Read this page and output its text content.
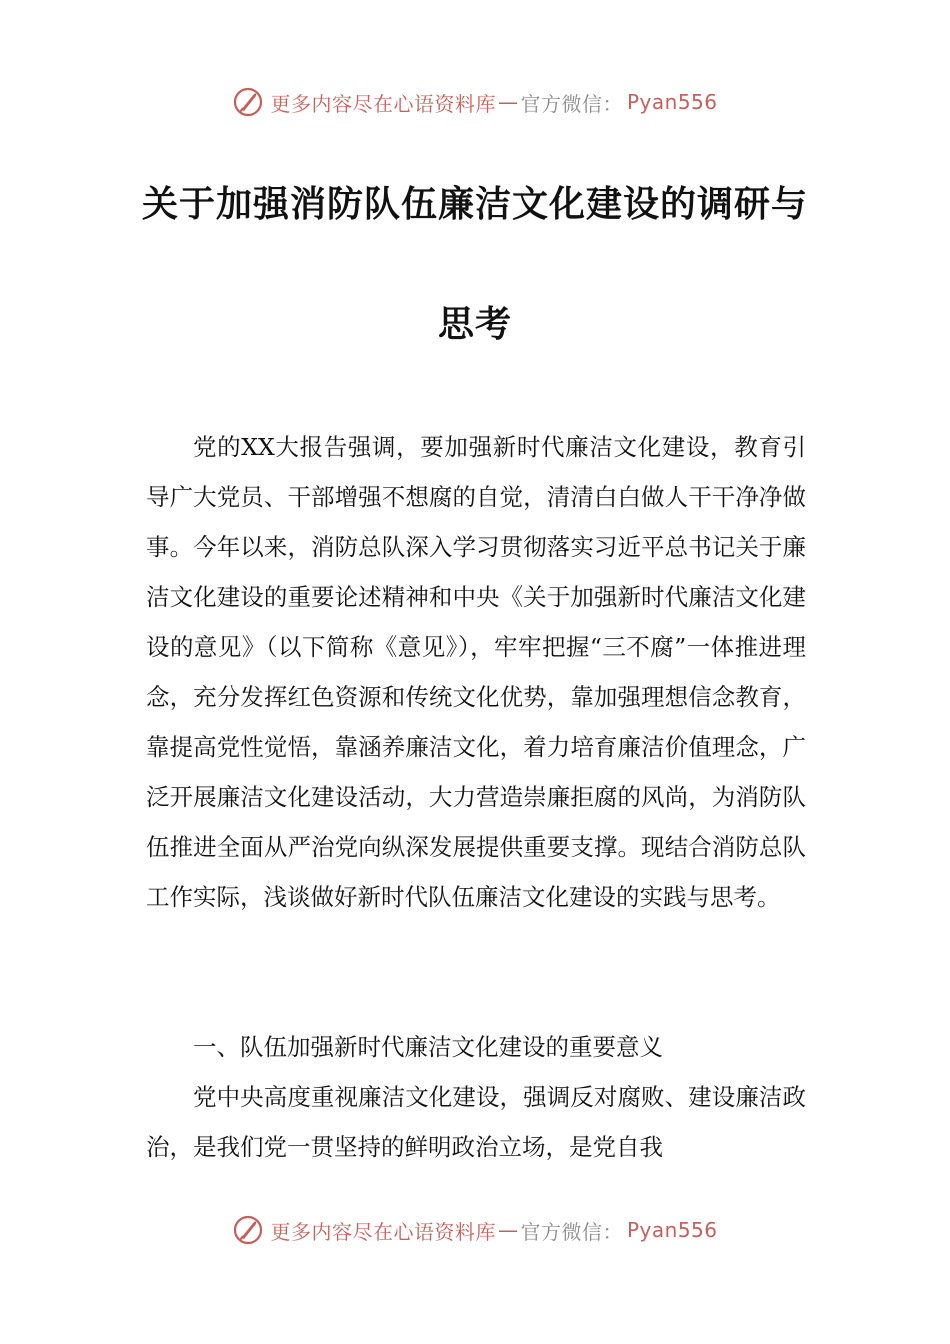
更多内容尽在心语资料库 — 官方微信： Pyan556
关于加强消防队伍廉洁文化建设的调研与
思考

党的XX大报告强调，要加强新时代廉洁文化建设，教育引导广大党员、干部增强不想腐的自觉，清清白白做人干干净净做事。今年以来，消防总队深入学习贯彻落实习近平总书记关于廉洁文化建设的重要论述精神和中央《关于加强新时代廉洁文化建设的意见》（以下简称《意见》），牢牢把握“三不腐”一体推进理念，充分发挥红色资源和传统文化优势，靠加强理想信念教育，靠提高党性觉悟，靠涵养廉洁文化，着力培育廉洁价值理念，广泛开展廉洁文化建设活动，大力营造崇廉拒腐的风尚，为消防队伍推进全面从严治党向纵深发展提供重要支撑。现结合消防总队工作实际，浅谈做好新时代队伍廉洁文化建设的实践与思考。

一、队伍加强新时代廉洁文化建设的重要意义

党中央高度重视廉洁文化建设，强调反对腐败、建设廉洁政治，是我们党一贯坚持的鲜明政治立场，是党自我

更多内容尽在心语资料库 — 官方微信： Pyan556
